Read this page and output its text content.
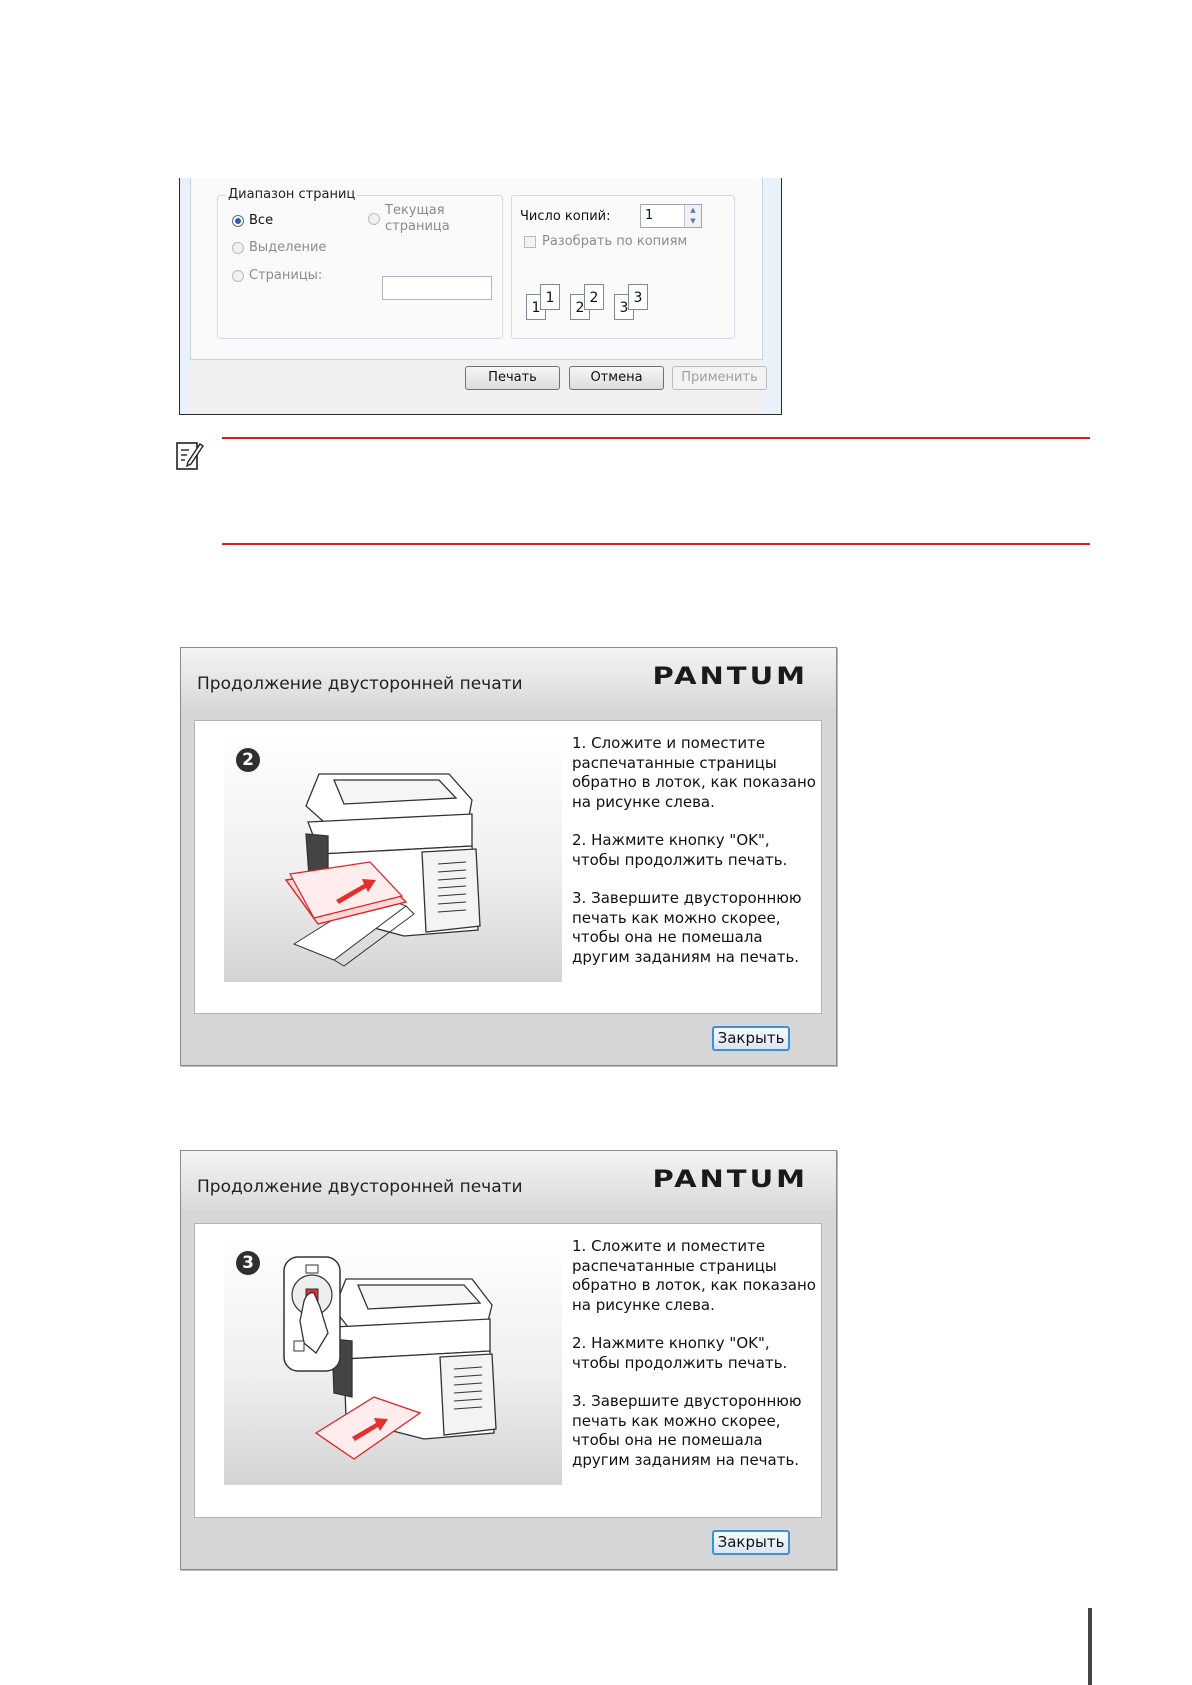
Диапазон страниц
Все
Выделение
Страницы:
Текущая
страница
Число копий:	1	▲
▼
Разобрать по копиям
1
1
2
2
3
3
Печать	Отмена	Применить
Продолжение двусторонней печати	PANTUM
2

1. Сложите и поместите
распечатанные страницы
обратно в лоток, как показано
на рисунке слева.

2. Нажмите кнопку "OK",
чтобы продолжить печать.

3. Завершите двустороннюю
печать как можно скорее,
чтобы она не помешала
другим заданиям на печать.

Закрыть
Продолжение двусторонней печати	PANTUM
3

1. Сложите и поместите
распечатанные страницы
обратно в лоток, как показано
на рисунке слева.

2. Нажмите кнопку "OK",
чтобы продолжить печать.

3. Завершите двустороннюю
печать как можно скорее,
чтобы она не помешала
другим заданиям на печать.

Закрыть
